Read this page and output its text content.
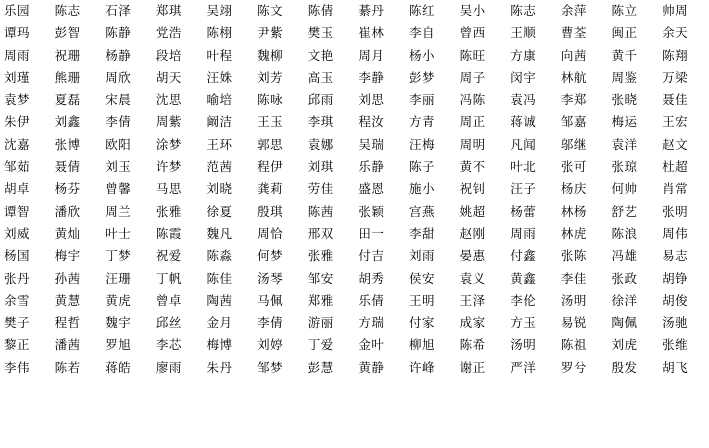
乐园	陈志	石泽	郑琪	吴翊	陈文	陈倩	綦丹	陈红	吴小	陈志	余萍	陈立	帅周
谭玛	彭智	陈静	党浩	陈栩	尹紫	樊玉	崔林	李自	曾西	王顺	曹荃	闽正	余天
周雨	祝珊	杨静	段培	叶程	魏柳	文艳	周月	杨小	陈旺	方康	向茜	黄千	陈翔
刘瑾	熊珊	周欣	胡天	汪姝	刘芳	高玉	李静	彭梦	周子	闵宇	林航	周鉴	万梁
袁梦	夏磊	宋晨	沈思	喻培	陈咏	邱雨	刘思	李丽	冯陈	袁冯	李郑	张晓	聂佳
朱伊	刘鑫	李倩	周紫	阚洁	王玉	李琪	程汝	方青	周正	蒋诚	邹嘉	梅运	王宏
沈嘉	张博	欧阳	涂梦	王环	郭思	袁娜	吴瑞	汪梅	周明	凡闻	邬继	袁洋	赵文
邹茹	聂倩	刘玉	许梦	范茜	程伊	刘琪	乐静	陈子	黄不	叶北	张可	张琼	杜超
胡卓	杨芬	曾馨	马思	刘晓	龚莉	劳佳	盛恩	施小	祝钊	汪子	杨庆	何帅	肖常
谭智	潘欣	周兰	张雅	徐夏	殷琪	陈茜	张颖	宫燕	姚超	杨蕾	林杨	舒艺	张明
刘威	黄灿	叶士	陈霞	魏凡	周恰	邢双	田一	李甜	赵刚	周雨	林虎	陈浪	周伟
杨国	梅宇	丁梦	祝爱	陈淼	何梦	张雅	付吉	刘雨	晏惠	付鑫	张陈	冯雄	易志
张丹	孙茜	汪珊	丁帆	陈佳	汤琴	邹安	胡秀	侯安	袁义	黄鑫	李佳	张政	胡铮
余雪	黄慧	黄虎	曾卓	陶茜	马佩	郑雅	乐倩	王明	王泽	李伦	汤明	徐洋	胡俊
樊子	程哲	魏宇	邱丝	金月	李倩	游丽	方瑞	付家	成家	方玉	易锐	陶佩	汤驰
黎正	潘茜	罗旭	李芯	梅博	刘婷	丁爱	金叶	柳旭	陈希	汤明	陈祖	刘虎	张维
李伟	陈若	蒋皓	廖雨	朱丹	邹梦	彭慧	黄静	许峰	谢正	严洋	罗兮	殷发	胡飞
